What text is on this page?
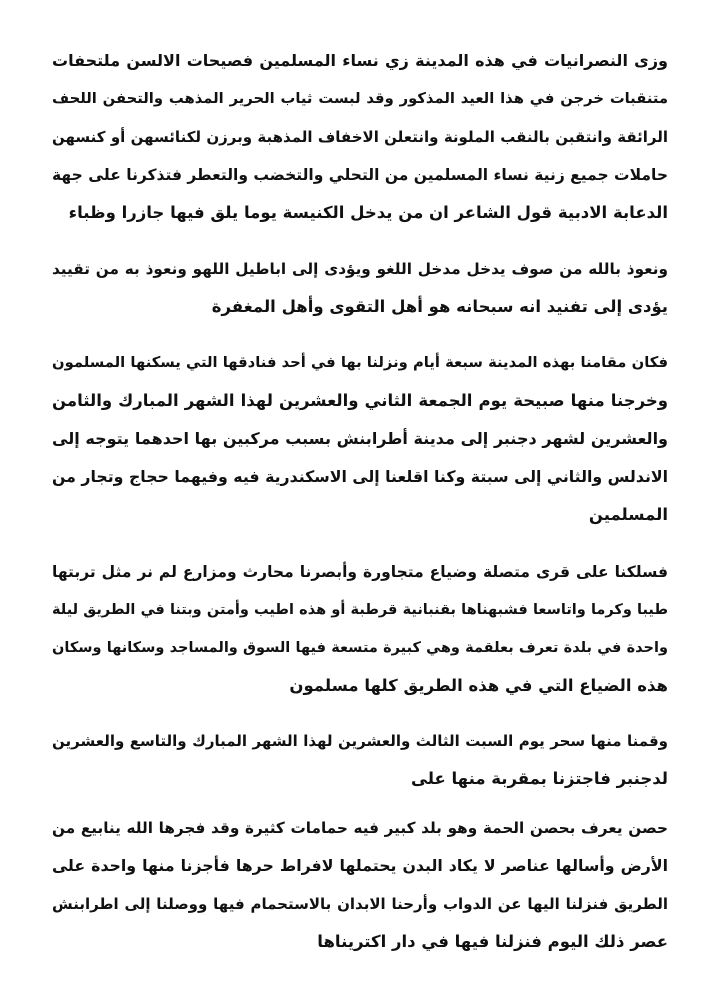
وزى النصرانيات في هذه المدينة زي نساء المسلمين فصيحات الالسن ملتحفات
متنقبات خرجن في هذا العيد المذكور وقد لبست ثياب الحرير المذهب والتحفن اللحف
الرائقة وانتقبن بالنقب الملونة وانتعلن الاخفاف المذهبة وبرزن لكنائسهن أو كنسهن
حاملات جميع زنية نساء المسلمين من التحلي والتخضب والتعطر فتذكرنا على جهة
الدعابة الادبية قول الشاعر ان من يدخل الكنيسة يوما يلق فيها جازرا وظباء
ونعوذ بالله من صوف يدخل مدخل اللغو ويؤدى إلى اباطيل اللهو ونعوذ به من تقييد
يؤدى إلى تفنيد انه سبحانه هو أهل التقوى وأهل المغفرة
فكان مقامنا بهذه المدينة سبعة أيام ونزلنا بها في أحد فنادقها التي يسكنها المسلمون
وخرجنا منها صبيحة يوم الجمعة الثاني والعشرين لهذا الشهر المبارك والثامن
والعشرين لشهر دجنبر إلى مدينة أطرابنش بسبب مركبين بها احدهما يتوجه إلى
الاندلس والثاني إلى سبتة وكنا اقلعنا إلى الاسكندرية فيه وفيهما حجاج وتجار من
المسلمين
فسلكنا على قرى متصلة وضياع متجاورة وأبصرنا محارث ومزارع لم نر مثل تربتها
طيبا وكرما واتاسعا فشبهناها بقنبانية قرطبة أو هذه اطيب وأمتن وبتنا في الطريق ليلة
واحدة في بلدة تعرف بعلقمة وهي كبيرة متسعة فيها السوق والمساجد وسكانها وسكان
هذه الضياع التي في هذه الطريق كلها مسلمون
وقمنا منها سحر يوم السبت الثالث والعشرين لهذا الشهر المبارك والتاسع والعشرين
لدجنبر فاجتزنا بمقربة منها على
حصن يعرف بحصن الحمة وهو بلد كبير فيه حمامات كثيرة وقد فجرها الله ينابيع من
الأرض وأسالها عناصر لا يكاد البدن يحتملها لافراط حرها فأجزنا منها واحدة على
الطريق فنزلنا اليها عن الدواب وأرحنا الابدان بالاستحمام فيها ووصلنا إلى اطرابنش
عصر ذلك اليوم فنزلنا فيها في دار اكتريناها
